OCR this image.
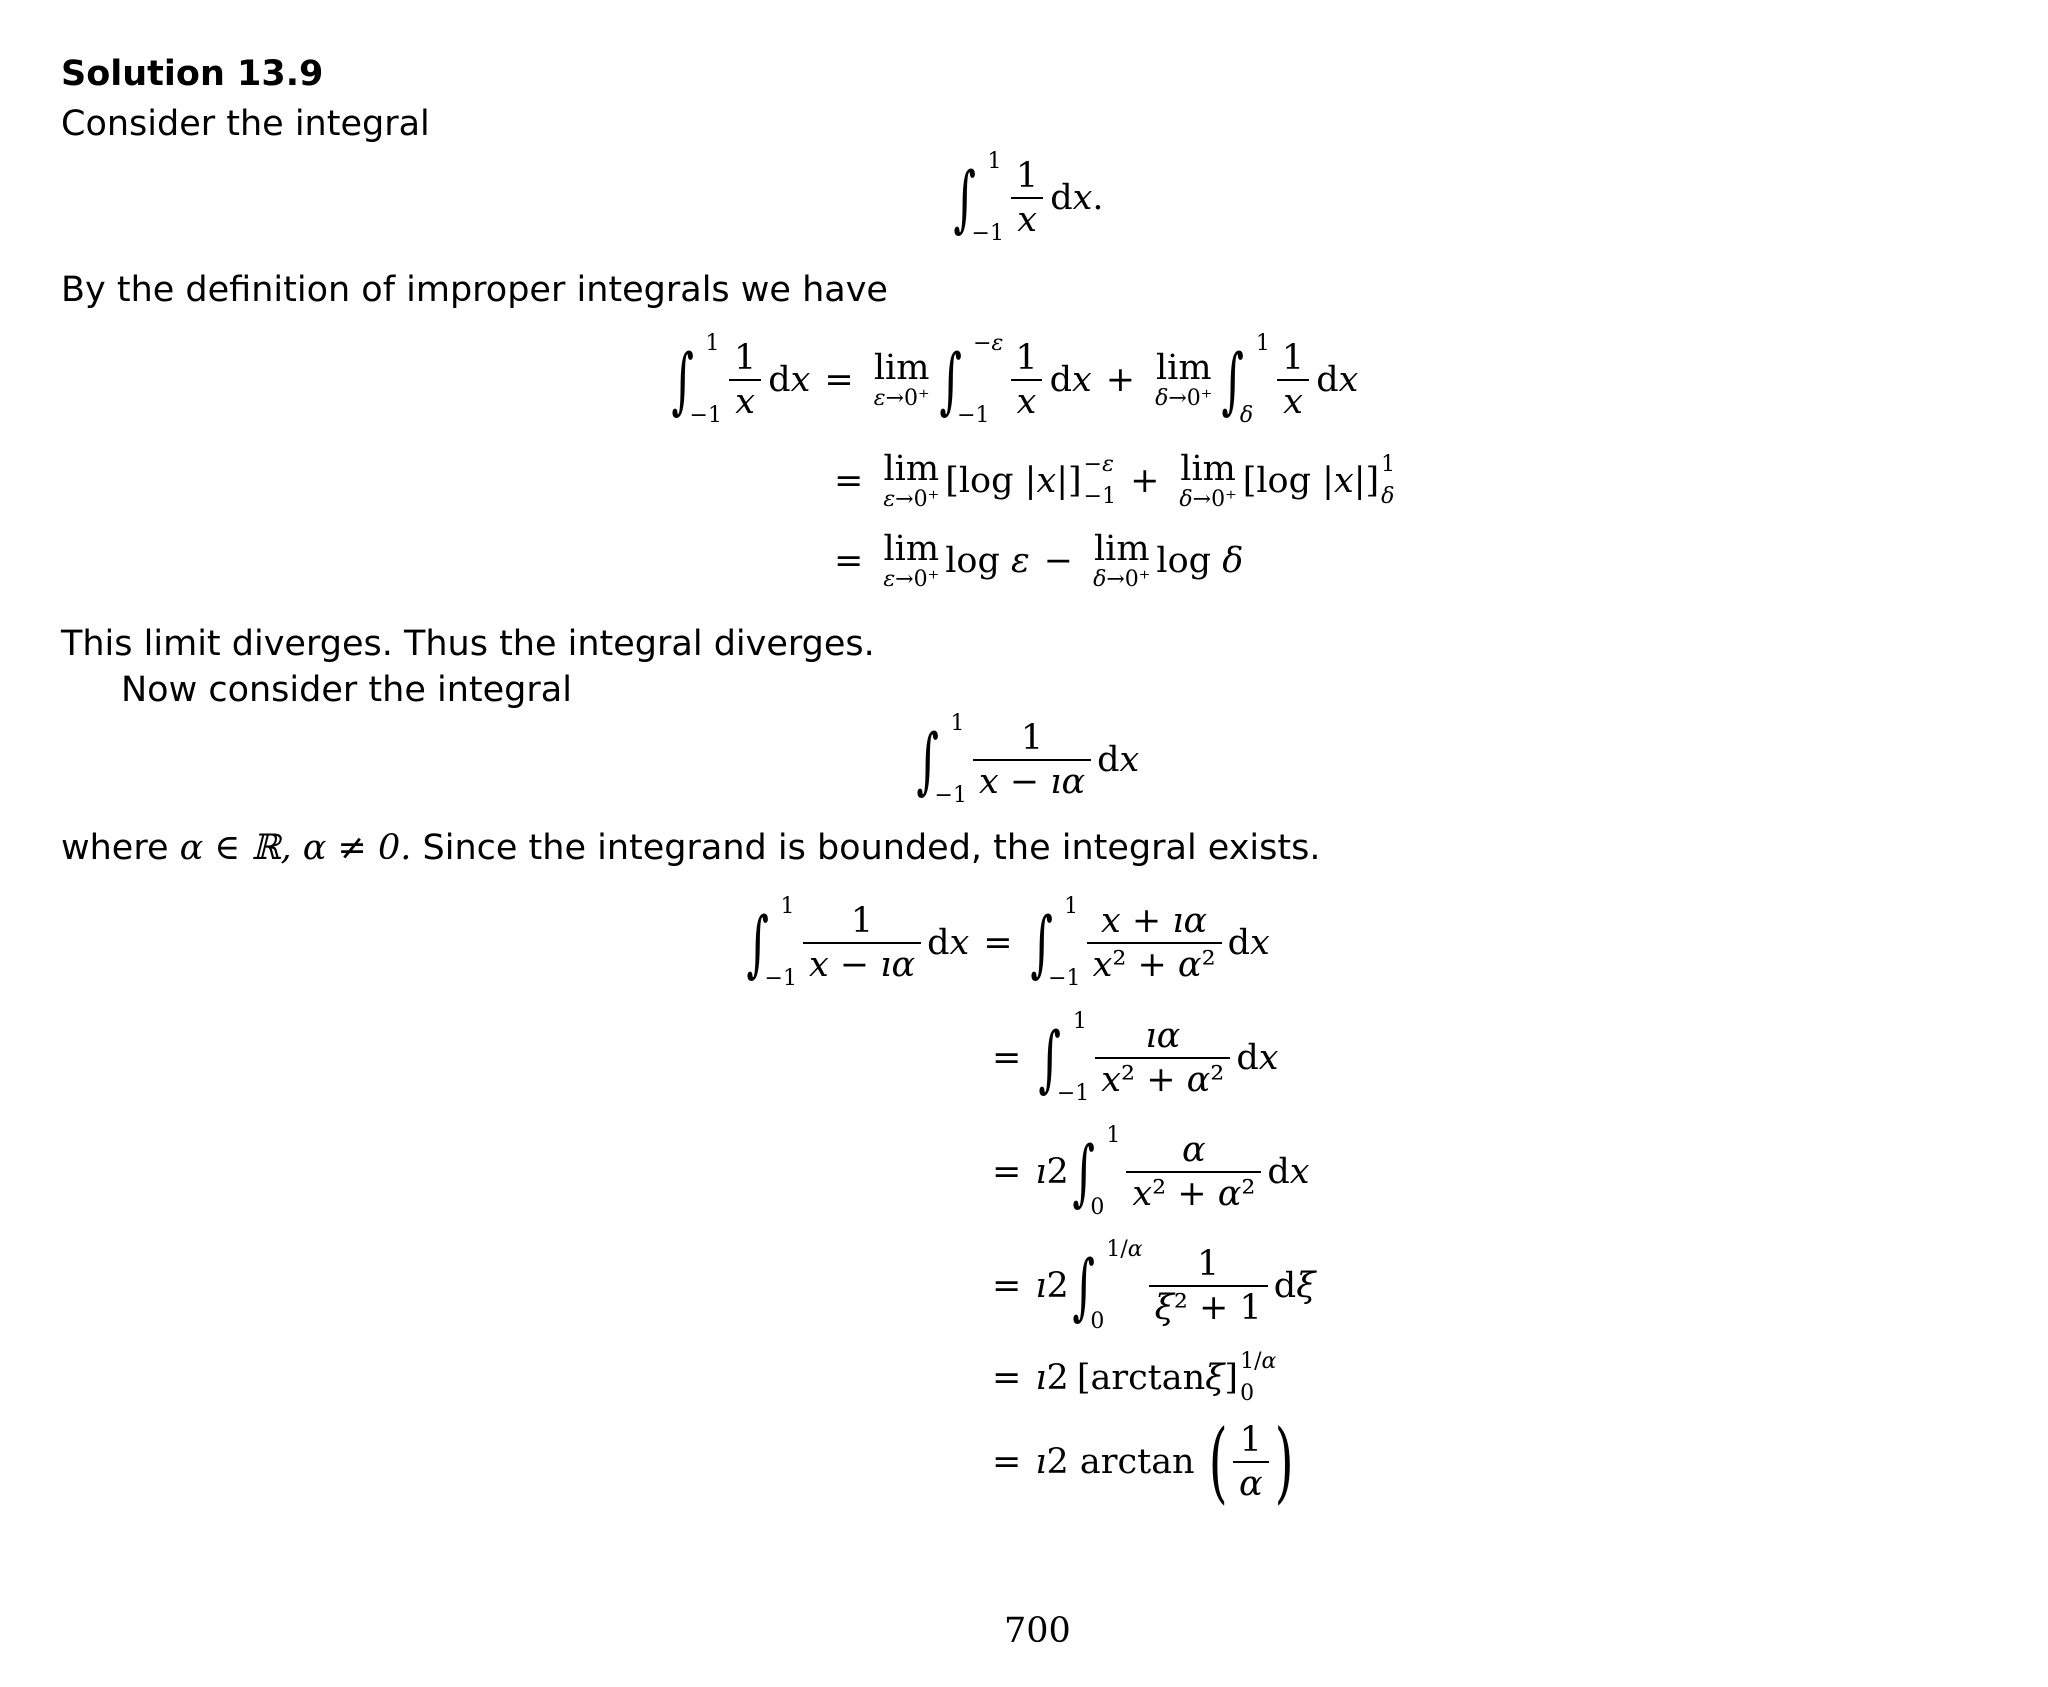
Solution 13.9
Consider the integral
∫ 1
$-1 \frac{1}{x}$ dx.
By the definition of improper integrals we have
∫ 1
$-1 \frac{1}{x}$ dx = lim
ε→0⁺ ∫ −ε
$-1 \frac{1}{x}$ dx + lim
δ→0⁺ ∫ 1
δ $\frac{1}{x}$ dx
= lim
ε→0⁺ [log | x |] −ε
−1 + lim
δ→0⁺ [log | x |] 1
δ
= lim
ε→0⁺ log ε − lim
δ→0⁺ log δ
This limit diverges. Thus the integral diverges.
Now consider the integral
∫ 1
$-1 \frac{1}{x - ı\alpha}$ dx
where α ∈ ℝ, α ≠ 0. Since the integrand is bounded, the integral exists.
∫ 1
$-1 \frac{1}{x - ı\alpha}$ dx = ∫ 1
$-1 \frac{x + ı\alpha}{\text{x² + α²}}$ dx
= ∫ 1
$-1 \frac{ı\alpha}{\text{x² + α²}}$ dx
= ı2 ∫ 1
$0 \frac{\alpha}{\text{x² + α²}}$ dx
= ı2 ∫ 1/α
0	$\frac{1}{\text{ξ² + 1}}$ dξ
= ı2 [arctan ξ ] 1/α
0
= ı2 arctan ( $\frac{1}{\alpha}$ )
700
